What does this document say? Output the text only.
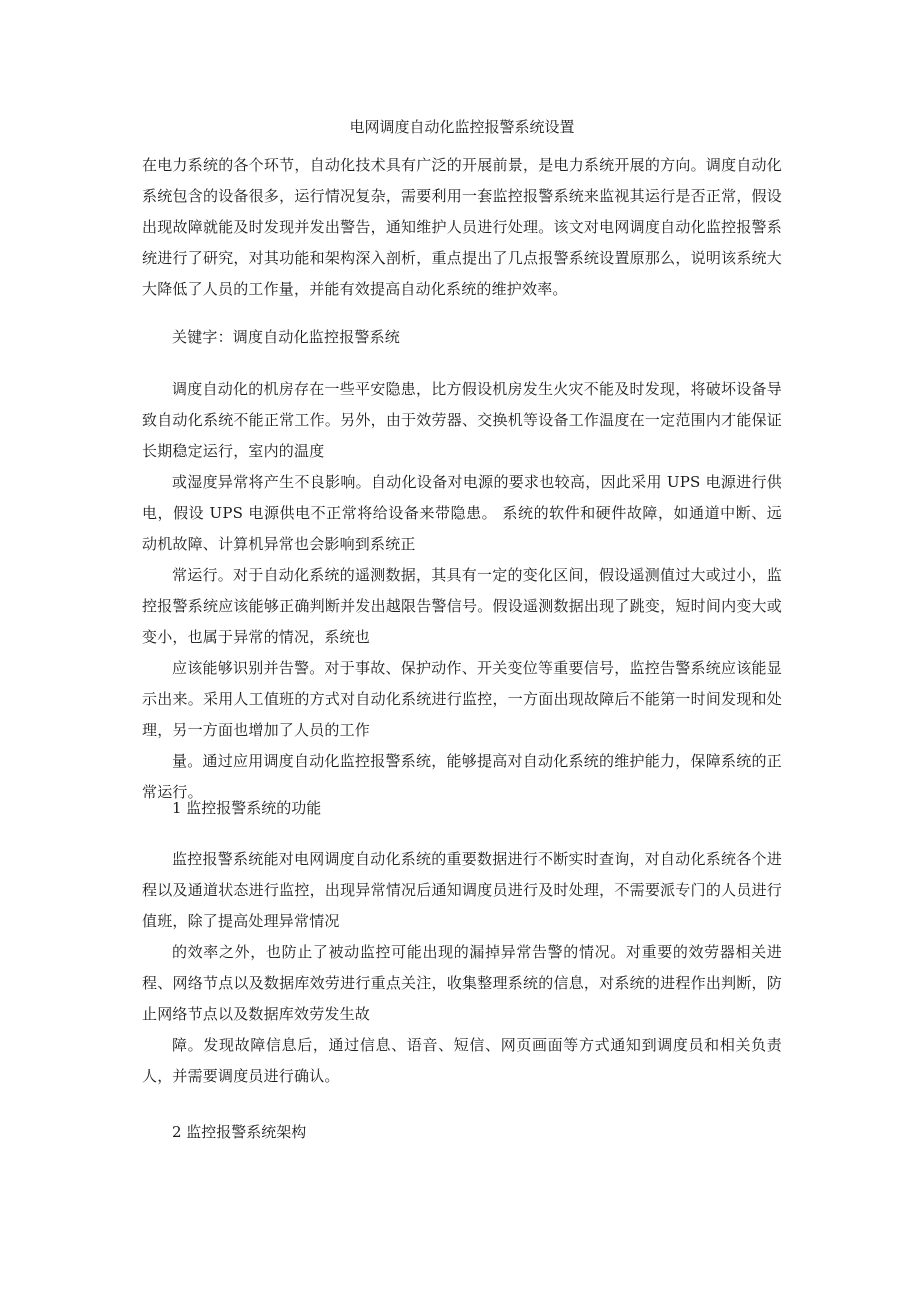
电网调度自动化监控报警系统设置

在电力系统的各个环节，自动化技术具有广泛的开展前景，是电力系统开展的方向。调度自动化系统包含的设备很多，运行情况复杂，需要利用一套监控报警系统来监视其运行是否正常，假设出现故障就能及时发现并发出警告，通知维护人员进行处理。该文对电网调度自动化监控报警系统进行了研究，对其功能和架构深入剖析，重点提出了几点报警系统设置原那么，说明该系统大大降低了人员的工作量，并能有效提高自动化系统的维护效率。

关键字：调度自动化监控报警系统

调度自动化的机房存在一些平安隐患，比方假设机房发生火灾不能及时发现，将破坏设备导致自动化系统不能正常工作。另外，由于效劳器、交换机等设备工作温度在一定范围内才能保证长期稳定运行，室内的温度
或湿度异常将产生不良影响。自动化设备对电源的要求也较高，因此采用 UPS 电源进行供电，假设 UPS 电源供电不正常将给设备来带隐患。 系统的软件和硬件故障，如通道中断、远动机故障、计算机异常也会影响到系统正
常运行。对于自动化系统的遥测数据，其具有一定的变化区间，假设遥测值过大或过小，监控报警系统应该能够正确判断并发出越限告警信号。假设遥测数据出现了跳变，短时间内变大或变小，也属于异常的情况，系统也
应该能够识别并告警。对于事故、保护动作、开关变位等重要信号，监控告警系统应该能显示出来。采用人工值班的方式对自动化系统进行监控，一方面出现故障后不能第一时间发现和处理，另一方面也增加了人员的工作
量。通过应用调度自动化监控报警系统，能够提高对自动化系统的维护能力，保障系统的正常运行。

1 监控报警系统的功能

监控报警系统能对电网调度自动化系统的重要数据进行不断实时查询，对自动化系统各个进程以及通道状态进行监控，出现异常情况后通知调度员进行及时处理，不需要派专门的人员进行值班，除了提高处理异常情况
的效率之外，也防止了被动监控可能出现的漏掉异常告警的情况。对重要的效劳器相关进程、网络节点以及数据库效劳进行重点关注，收集整理系统的信息，对系统的进程作出判断，防止网络节点以及数据库效劳发生故
障。发现故障信息后，通过信息、语音、短信、网页画面等方式通知到调度员和相关负责人，并需要调度员进行确认。

2 监控报警系统架构
